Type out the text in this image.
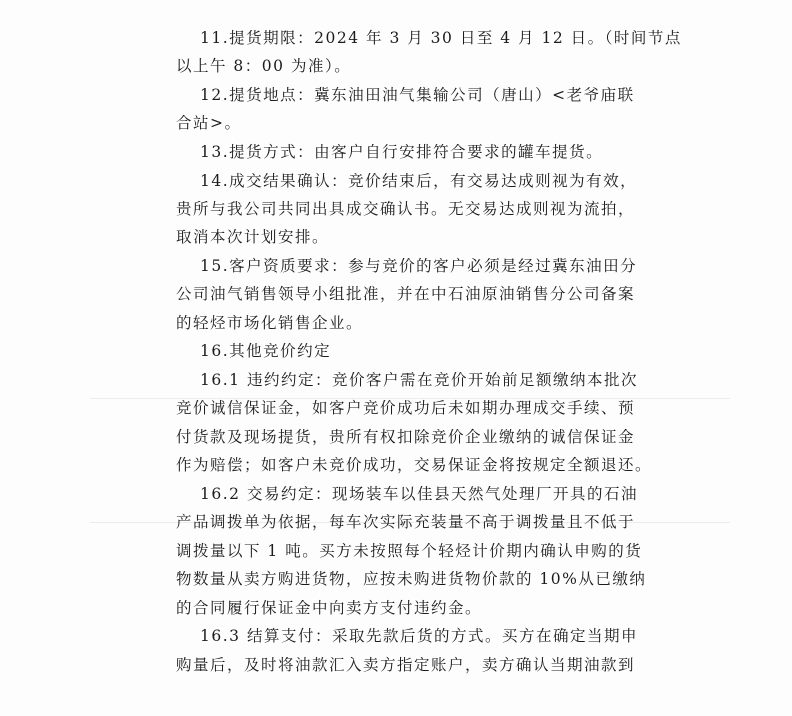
11.提货期限：2024 年 3 月 30 日至 4 月 12 日。（时间节点
以上午 8：00 为准）。
12.提货地点：冀东油田油气集输公司（唐山）<老爷庙联
合站>。
13.提货方式：由客户自行安排符合要求的罐车提货。
14.成交结果确认：竞价结束后，有交易达成则视为有效，
贵所与我公司共同出具成交确认书。无交易达成则视为流拍，
取消本次计划安排。
15.客户资质要求：参与竞价的客户必须是经过冀东油田分
公司油气销售领导小组批准，并在中石油原油销售分公司备案
的轻烃市场化销售企业。
16.其他竞价约定
16.1 违约约定：竞价客户需在竞价开始前足额缴纳本批次
竞价诚信保证金，如客户竞价成功后未如期办理成交手续、预
付货款及现场提货，贵所有权扣除竞价企业缴纳的诚信保证金
作为赔偿；如客户未竞价成功，交易保证金将按规定全额退还。
16.2 交易约定：现场装车以佳县天然气处理厂开具的石油
产品调拨单为依据，每车次实际充装量不高于调拨量且不低于
调拨量以下 1 吨。买方未按照每个轻烃计价期内确认申购的货
物数量从卖方购进货物，应按未购进货物价款的 10%从已缴纳
的合同履行保证金中向卖方支付违约金。
16.3 结算支付：采取先款后货的方式。买方在确定当期申
购量后，及时将油款汇入卖方指定账户，卖方确认当期油款到
